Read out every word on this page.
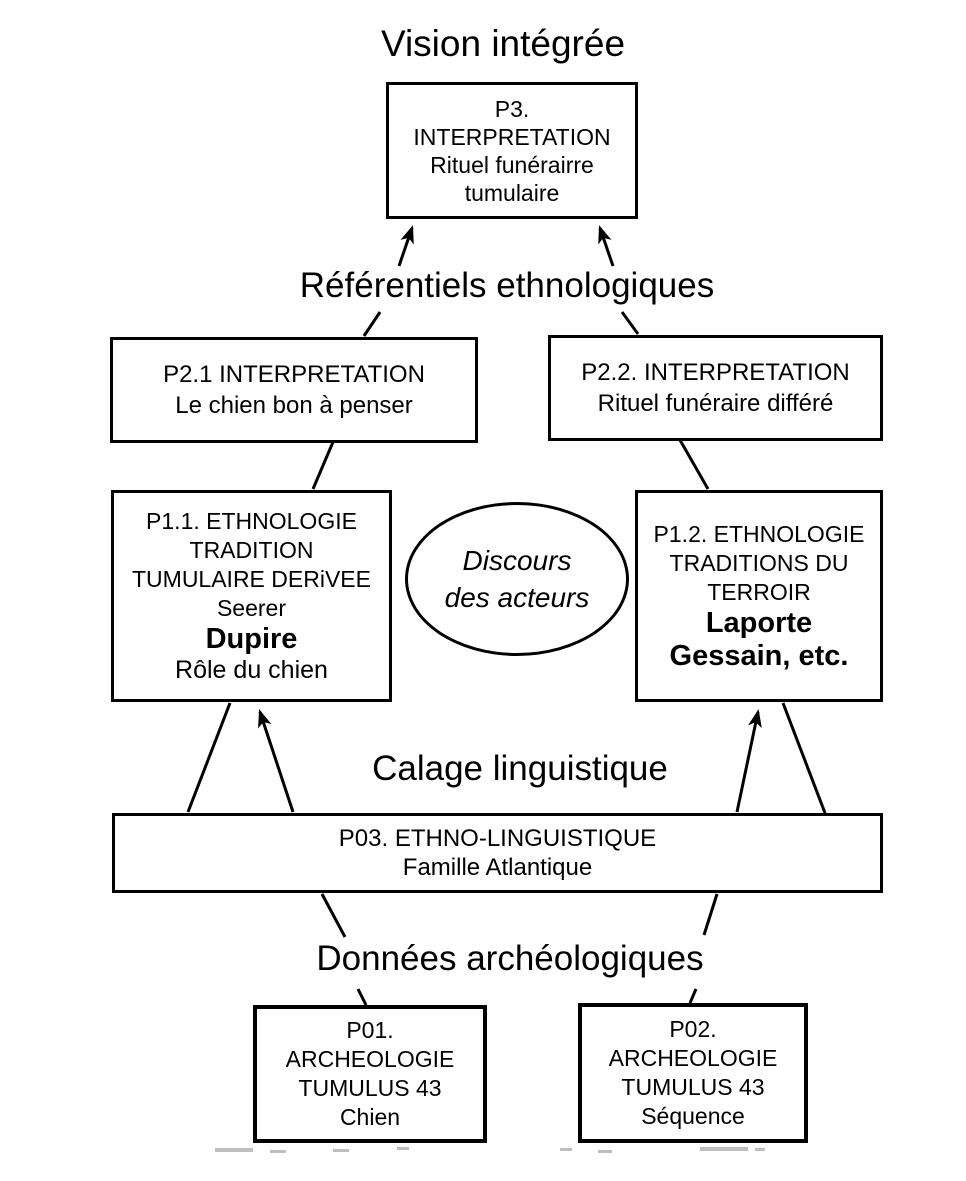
Vision intégrée
Référentiels ethnologiques
Calage linguistique
Données archéologiques
P3.
INTERPRETATION
Rituel funérairre
tumulaire
P2.1 INTERPRETATION
Le chien bon à penser
P2.2. INTERPRETATION
Rituel funéraire différé
P1.1. ETHNOLOGIE
TRADITION
TUMULAIRE DERiVEE
Seerer
Dupire
Rôle du chien
Discours
des acteurs
P1.2. ETHNOLOGIE
TRADITIONS DU
TERROIR
Laporte
Gessain, etc.
P03. ETHNO-LINGUISTIQUE
Famille Atlantique
P01.
ARCHEOLOGIE
TUMULUS 43
Chien
P02.
ARCHEOLOGIE
TUMULUS 43
Séquence
